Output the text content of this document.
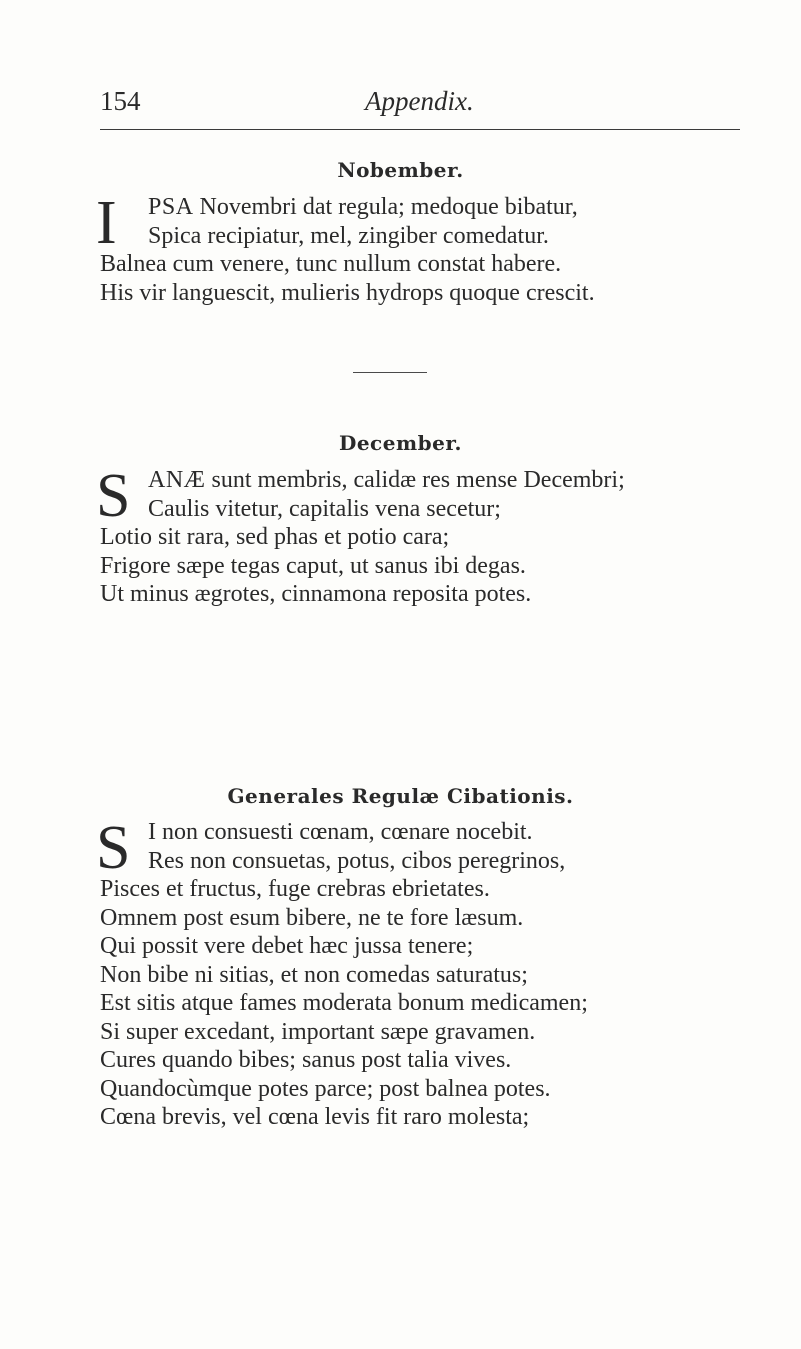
154	Appendix.
Nobember.
I	PSA Novembri dat regula; medoque bibatur,
Spica recipiatur, mel, zingiber comedatur.
Balnea cum venere, tunc nullum constat habere.
His vir languescit, mulieris hydrops quoque crescit.
December.
S ANÆ sunt membris, calidæ res mense Decembri;
Caulis vitetur, capitalis vena secetur;
Lotio sit rara, sed phas et potio cara;
Frigore sæpe tegas caput, ut sanus ibi degas.
Ut minus ægrotes, cinnamona reposita potes.
Generales Regulæ Cibationis.
S I non consuesti cœnam, cœnare nocebit.
Res non consuetas, potus, cibos peregrinos,
Pisces et fructus, fuge crebras ebrietates.
Omnem post esum bibere, ne te fore læsum.
Qui possit vere debet hæc jussa tenere;
Non bibe ni sitias, et non comedas saturatus;
Est sitis atque fames moderata bonum medicamen;
Si super excedant, important sæpe gravamen.
Cures quando bibes; sanus post talia vives.
Quandocùmque potes parce; post balnea potes.
Cœna brevis, vel cœna levis fit raro molesta;
